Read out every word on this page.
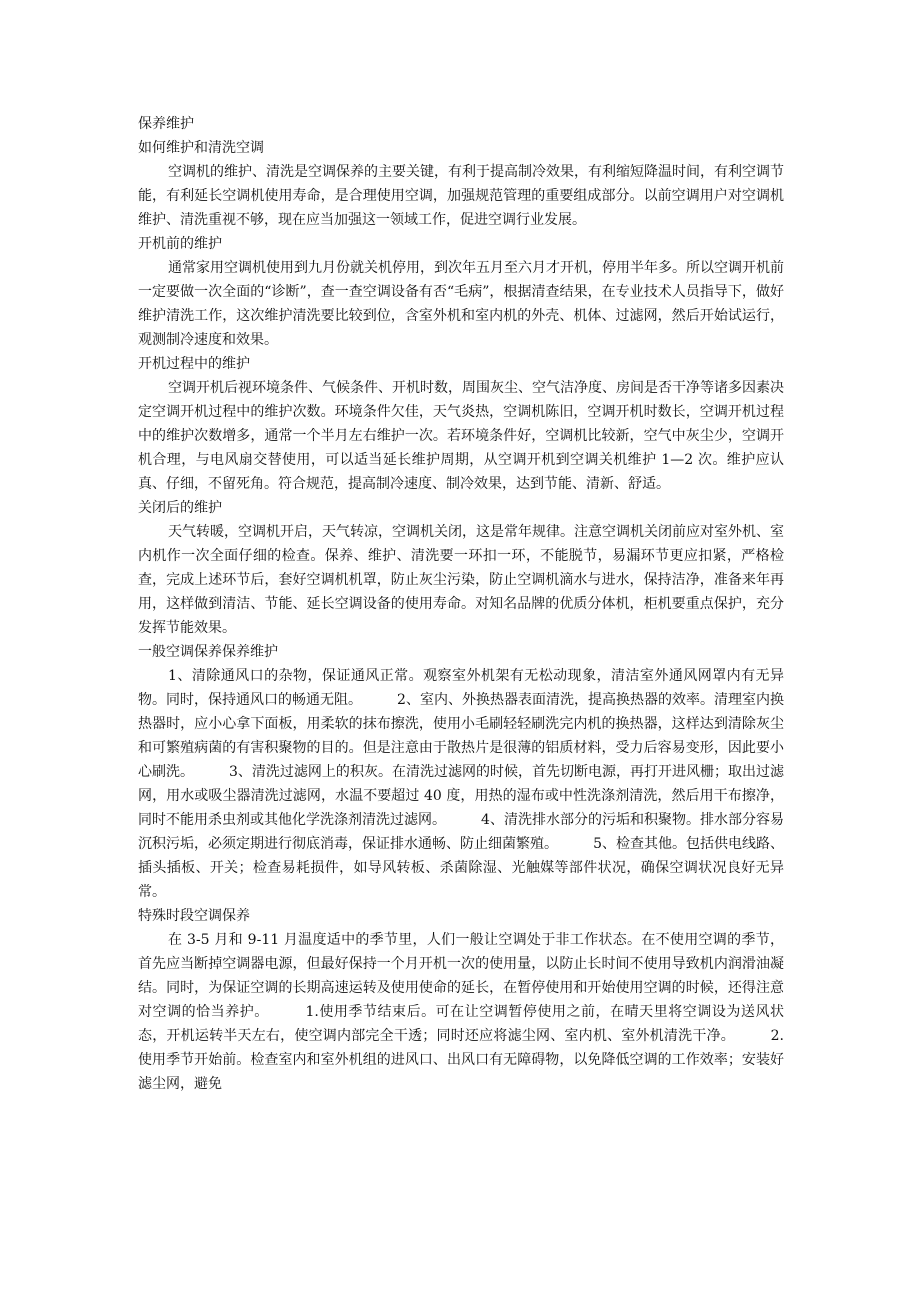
保养维护
如何维护和清洗空调

空调机的维护、清洗是空调保养的主要关键，有利于提高制冷效果，有利缩短降温时间，有利空调节能，有利延长空调机使用寿命，是合理使用空调，加强规范管理的重要组成部分。以前空调用户对空调机维护、清洗重视不够，现在应当加强这一领域工作，促进空调行业发展。

开机前的维护

通常家用空调机使用到九月份就关机停用，到次年五月至六月才开机，停用半年多。所以空调开机前一定要做一次全面的“诊断”，查一查空调设备有否“毛病”，根据清查结果，在专业技术人员指导下，做好维护清洗工作，这次维护清洗要比较到位，含室外机和室内机的外壳、机体、过滤网，然后开始试运行，观测制冷速度和效果。

开机过程中的维护

空调开机后视环境条件、气候条件、开机时数，周围灰尘、空气洁净度、房间是否干净等诸多因素决定空调开机过程中的维护次数。环境条件欠佳，天气炎热，空调机陈旧，空调开机时数长，空调开机过程中的维护次数增多，通常一个半月左右维护一次。若环境条件好，空调机比较新，空气中灰尘少，空调开机合理，与电风扇交替使用，可以适当延长维护周期，从空调开机到空调关机维护 1—2 次。维护应认真、仔细，不留死角。符合规范，提高制冷速度、制冷效果，达到节能、清新、舒适。

关闭后的维护

天气转暖，空调机开启，天气转凉，空调机关闭，这是常年规律。注意空调机关闭前应对室外机、室内机作一次全面仔细的检查。保养、维护、清洗要一环扣一环，不能脱节，易漏环节更应扣紧，严格检查，完成上述环节后，套好空调机机罩，防止灰尘污染，防止空调机滴水与进水，保持洁净，准备来年再用，这样做到清洁、节能、延长空调设备的使用寿命。对知名品牌的优质分体机，柜机要重点保护，充分发挥节能效果。

一般空调保养保养维护

1、清除通风口的杂物，保证通风正常。观察室外机架有无松动现象，清洁室外通风网罩内有无异物。同时，保持通风口的畅通无阻。　　　2、室内、外换热器表面清洗，提高换热器的效率。清理室内换热器时，应小心拿下面板，用柔软的抹布擦洗，使用小毛刷轻轻刷洗完内机的换热器，这样达到清除灰尘和可繁殖病菌的有害积聚物的目的。但是注意由于散热片是很薄的铝质材料，受力后容易变形，因此要小心刷洗。　　　3、清洗过滤网上的积灰。在清洗过滤网的时候，首先切断电源，再打开进风栅；取出过滤网，用水或吸尘器清洗过滤网，水温不要超过 40 度，用热的湿布或中性洗涤剂清洗，然后用干布擦净，同时不能用杀虫剂或其他化学洗涤剂清洗过滤网。　　　4、清洗排水部分的污垢和积聚物。排水部分容易沉积污垢，必须定期进行彻底消毒，保证排水通畅、防止细菌繁殖。　　　5、检查其他。包括供电线路、插头插板、开关；检查易耗损件，如导风转板、杀菌除湿、光触媒等部件状况，确保空调状况良好无异常。

特殊时段空调保养

在 3-5 月和 9-11 月温度适中的季节里，人们一般让空调处于非工作状态。在不使用空调的季节，首先应当断掉空调器电源，但最好保持一个月开机一次的使用量，以防止长时间不使用导致机内润滑油凝结。同时，为保证空调的长期高速运转及使用使命的延长，在暂停使用和开始使用空调的时候，还得注意对空调的恰当养护。　　　1.使用季节结束后。可在让空调暂停使用之前，在晴天里将空调设为送风状态，开机运转半天左右，使空调内部完全干透；同时还应将滤尘网、室内机、室外机清洗干净。　　　2.使用季节开始前。检查室内和室外机组的进风口、出风口有无障碍物，以免降低空调的工作效率；安装好滤尘网，避免
